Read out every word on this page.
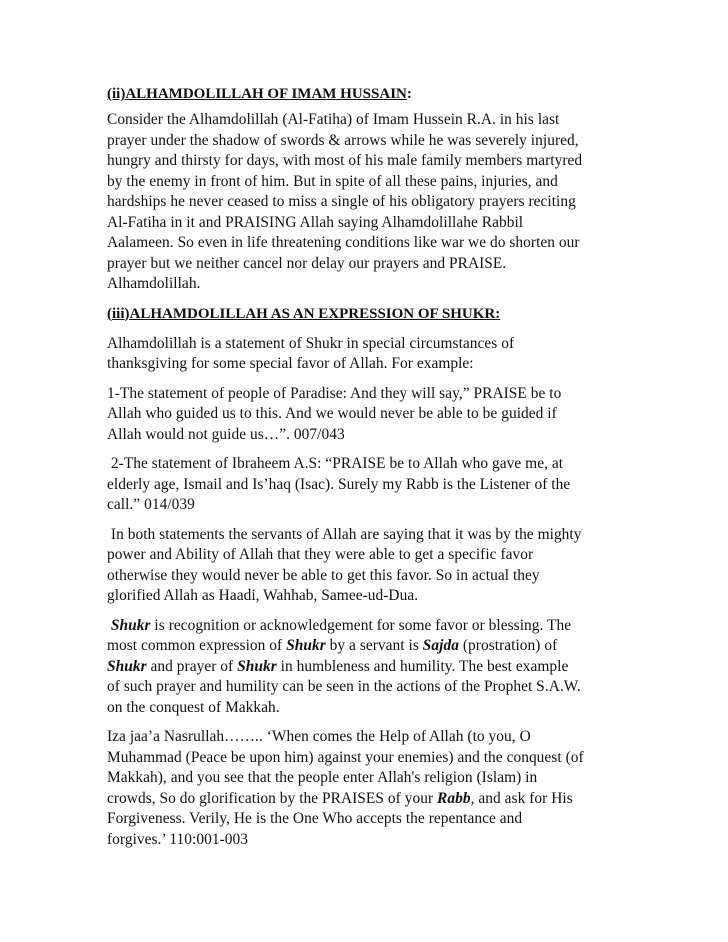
(ii)ALHAMDOLILLAH OF IMAM HUSSAIN:
Consider the Alhamdolillah (Al-Fatiha) of Imam Hussein R.A. in his last
prayer under the shadow of swords & arrows while he was severely injured,
hungry and thirsty for days, with most of his male family members martyred
by the enemy in front of him. But in spite of all these pains, injuries, and
hardships he never ceased to miss a single of his obligatory prayers reciting
Al-Fatiha in it and PRAISING Allah saying Alhamdolillahe Rabbil
Aalameen. So even in life threatening conditions like war we do shorten our
prayer but we neither cancel nor delay our prayers and PRAISE.
Alhamdolillah.
(iii)ALHAMDOLILLAH AS AN EXPRESSION OF SHUKR:
Alhamdolillah is a statement of Shukr in special circumstances of
thanksgiving for some special favor of Allah. For example:
1-The statement of people of Paradise: And they will say,” PRAISE be to
Allah who guided us to this. And we would never be able to be guided if
Allah would not guide us…”. 007/043
2-The statement of Ibraheem A.S: “PRAISE be to Allah who gave me, at
elderly age, Ismail and Is’haq (Isac). Surely my Rabb is the Listener of the
call.” 014/039
In both statements the servants of Allah are saying that it was by the mighty
power and Ability of Allah that they were able to get a specific favor
otherwise they would never be able to get this favor. So in actual they
glorified Allah as Haadi, Wahhab, Samee-ud-Dua.
Shukr is recognition or acknowledgement for some favor or blessing. The
most common expression of Shukr by a servant is Sajda (prostration) of
Shukr and prayer of Shukr in humbleness and humility. The best example
of such prayer and humility can be seen in the actions of the Prophet S.A.W.
on the conquest of Makkah.
Iza jaa’a Nasrullah…….. ‘When comes the Help of Allah (to you, O
Muhammad (Peace be upon him) against your enemies) and the conquest (of
Makkah), and you see that the people enter Allah's religion (Islam) in
crowds, So do glorification by the PRAISES of your Rabb, and ask for His
Forgiveness. Verily, He is the One Who accepts the repentance and
forgives.’ 110:001-003
